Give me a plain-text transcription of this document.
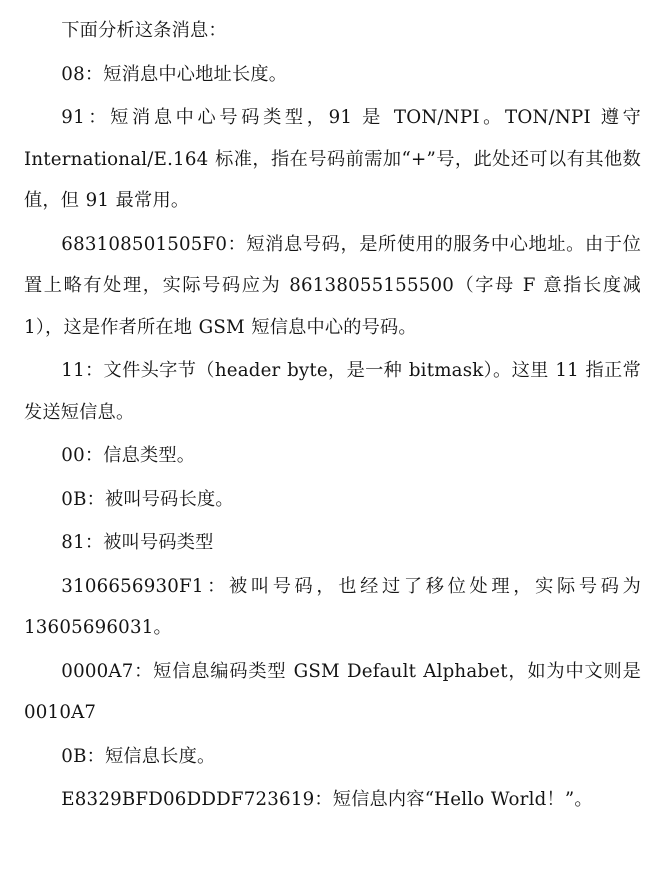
下面分析这条消息：

08：短消息中心地址长度。

91：短消息中心号码类型，91 是 TON/NPI。TON/NPI 遵守 International/E.164 标准，指在号码前需加“+”号，此处还可以有其他数值，但 91 最常用。

683108501505F0：短消息号码，是所使用的服务中心地址。由于位置上略有处理，实际号码应为 86138055155500（字母 F 意指长度减 1），这是作者所在地 GSM 短信息中心的号码。

11：文件头字节（header byte，是一种 bitmask）。这里 11 指正常发送短信息。

00：信息类型。

0B：被叫号码长度。

81：被叫号码类型

3106656930F1：被叫号码，也经过了移位处理，实际号码为 13605696031。

0000A7：短信息编码类型 GSM Default Alphabet，如为中文则是 0010A7

0B：短信息长度。

E8329BFD06DDDF723619：短信息内容“Hello World！”。
